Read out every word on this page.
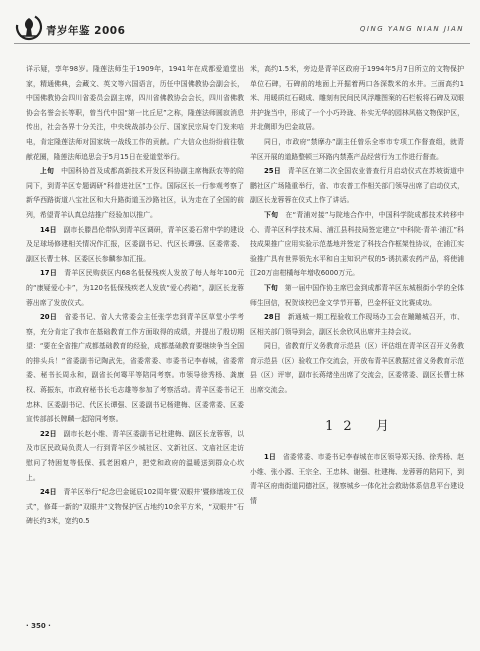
青岁年鉴 2006	QING YANG NIAN JIAN

详示疑，享年98岁。隆莲法师生于1909年，1941年在成都爱道堂出家，精通佛典，会藏文、英文等六国语言，历任中国佛教协会副会长，中国佛教协会四川省委员会副主席，四川省佛教协会会长，四川省佛教协会名誉会长等职，曾当代中国“第一比丘尼”之称，隆莲法师圆寂消息传出，社会各界十分关注，中央统战部办公厅、国家民宗局专门发来唁电，肯定隆莲法师对国家统一战线工作的贡献。广大信众也纷纷前往敬献花圈，隆莲法师追思会于5月15日在爱道堂举行。

上旬　中国科协首及成都高新技术开发区科协副主席梅跃农等的陪同下，到青羊区专题调研“科普进社区”工作。国际区长一行参观考察了新华西路街道八宝社区和大升路街道玉沙路社区，认为走在了全国的前列，希望青羊认真总结推广经验加以推广。

14日　副市长滕昌伦带队到青羊区调研，青羊区委石常中学的建设及足球场修建相关情况作汇报，区委副书记、代区长谭强、区委常委、副区长曹士林、区委区长参麟参加汇报。

17日　青羊区民购获区内68名低保残疾人发放了每人每年100元的“康疑爱心卡”，为120名低保残疾老人发放“爱心药箱”，副区长龙蓉蓉出席了发放仪式。

20日　省委书记、省人大常委会主任张学忠到青羊区草堂小学考察，充分肯定了我市在基础教育工作方面取得的成绩，并提出了殷切期望：“要在全省推广成都基础教育的经验，成都基础教育要继续争当全国的排头兵！”省委副书记陶武先，省委常委、市委书记李春城，省委常委、秘书长周永和，副省长何骞平等陪同考察。市领导徐秀杨、龚康权、蒋振东，市政府秘书长毛志雄等参加了考察活动。青羊区委书记王忠林、区委副书记、代区长谭强、区委副书记杨建梅、区委常委、区委宣传部部长牌麟一起陪同考察。

22日　副市长赵小维、青羊区委副书记杜建梅、副区长龙蓉蓉，以及市区民政局负责人一行到青羊区少城社区、文新社区、文庙社区走访慰问了特困复等低保、孤老困难户，把党和政府的温暖送到群众心坎上。

24日　青羊区举行“纪念巴金诞辰102周年暨‘双眼井’暨修缮竣工仪式”，修葺一新的“双眼井”文物保护区占地约10余平方米，“双眼井”石碑长约3米，宽约0.5

米，高约1.5米，旁边是青羊区政府于1994年5月7日所立的文物保护单位石碑，石碑前的地面上开掘着两口各深数米的水井。三面高约1米、用暖质红石砌成、雕刻有民间民风浮雕图案的石栏板将石碑及双眼井护拢当中，形成了一个小巧玲珑、朴实无华的园林风格文物保护区，并北侧即为巴金故居。

同日，市政府“禁摩办”副主任曾乐全率市专项工作督查组，就青羊区开展的道路整顿三环路内禁燕产品经营行为工作进行督查。

25日　青羊区在第二次全国农业普查行月启动仪式在苏坡街道中鹏社区广场隆重举行，省、市农普工作相关部门领导出席了启动仪式，副区长龙蓉蓉在仪式上作了讲话。

下旬　在“青浦对接”与院地合作中，中国科学院成都技术转移中心、青羊区科学技术局、浦江县科技局签定建立“中科院·青羊·浦江”科技成果推广应用实验示范基地并签定了科技合作框架性协议，在浦江实验推广具有世界领先水平和自主知识产权的5·诱抗素农药产品，将使浦江20万亩柑橘每年增收6000万元。

下旬　第一届中国作协主席巴金到成都青羊区东城根街小学的全体师生回信，祝贺该校巴金文学节开幕，巴金杯征文比赛成功。

28日　新通城一期工程验收工作现场办工会在蹦蹦城召开，市、区相关部门领导到会，副区长余欣风出席并主持会议。

同日，省教育厅义务教育示范县（区）评估组在青羊区召开义务教育示范县（区）验收工作交流会，开放布青羊区教据过省义务教育示范县（区）评审，副市长蒋绪坐出席了交流会，区委常委、副区长曹士林出席交流会。

12 月

1日　省委常委、市委书记李春城在市区领导郑天扬、徐秀杨、赵小维、张小源、王宗全、王忠林、谢强、杜建梅、龙蓉蓉的陪同下，到青羊区府南街道同德社区，视察城乡一体化社会救助体系信息平台建设情

· 350 ·
